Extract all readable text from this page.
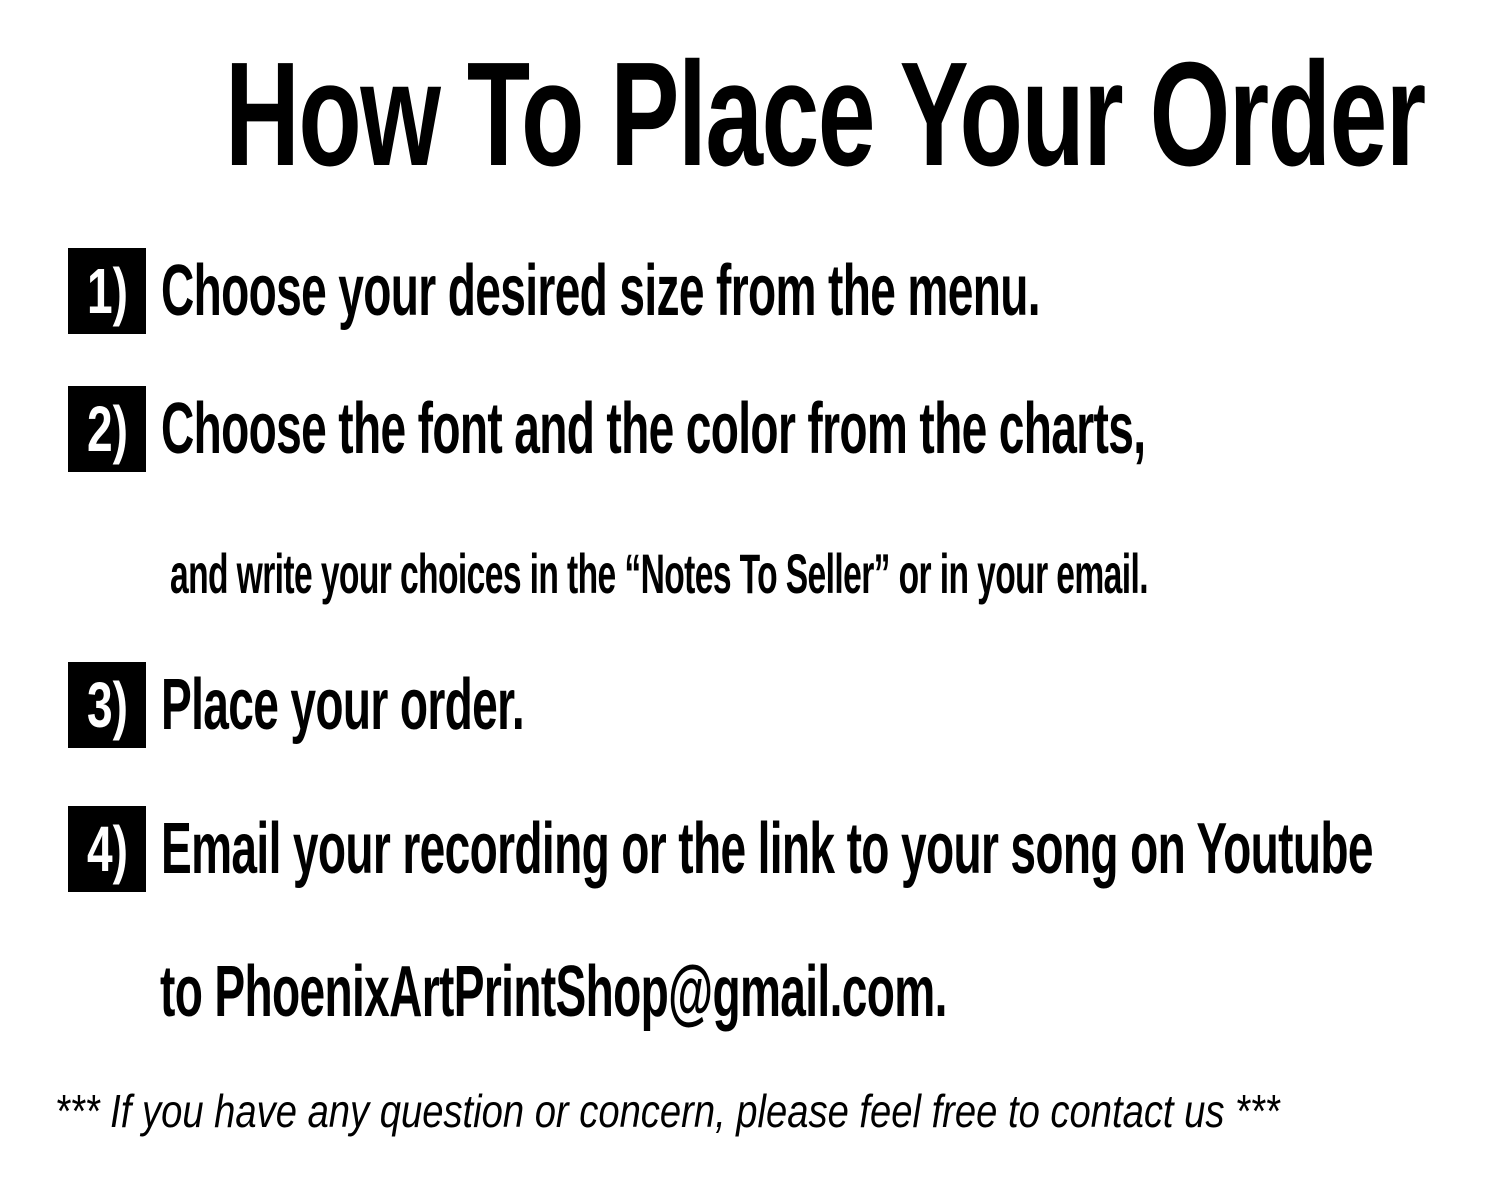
How To Place Your Order
1) Choose your desired size from the menu.
2) Choose the font and the color from the charts,
and write your choices in the “Notes To Seller” or in your email.
3) Place your order.
4) Email your recording or the link to your song on Youtube
to PhoenixArtPrintShop@gmail.com.
*** If you have any question or concern, please feel free to contact us ***
